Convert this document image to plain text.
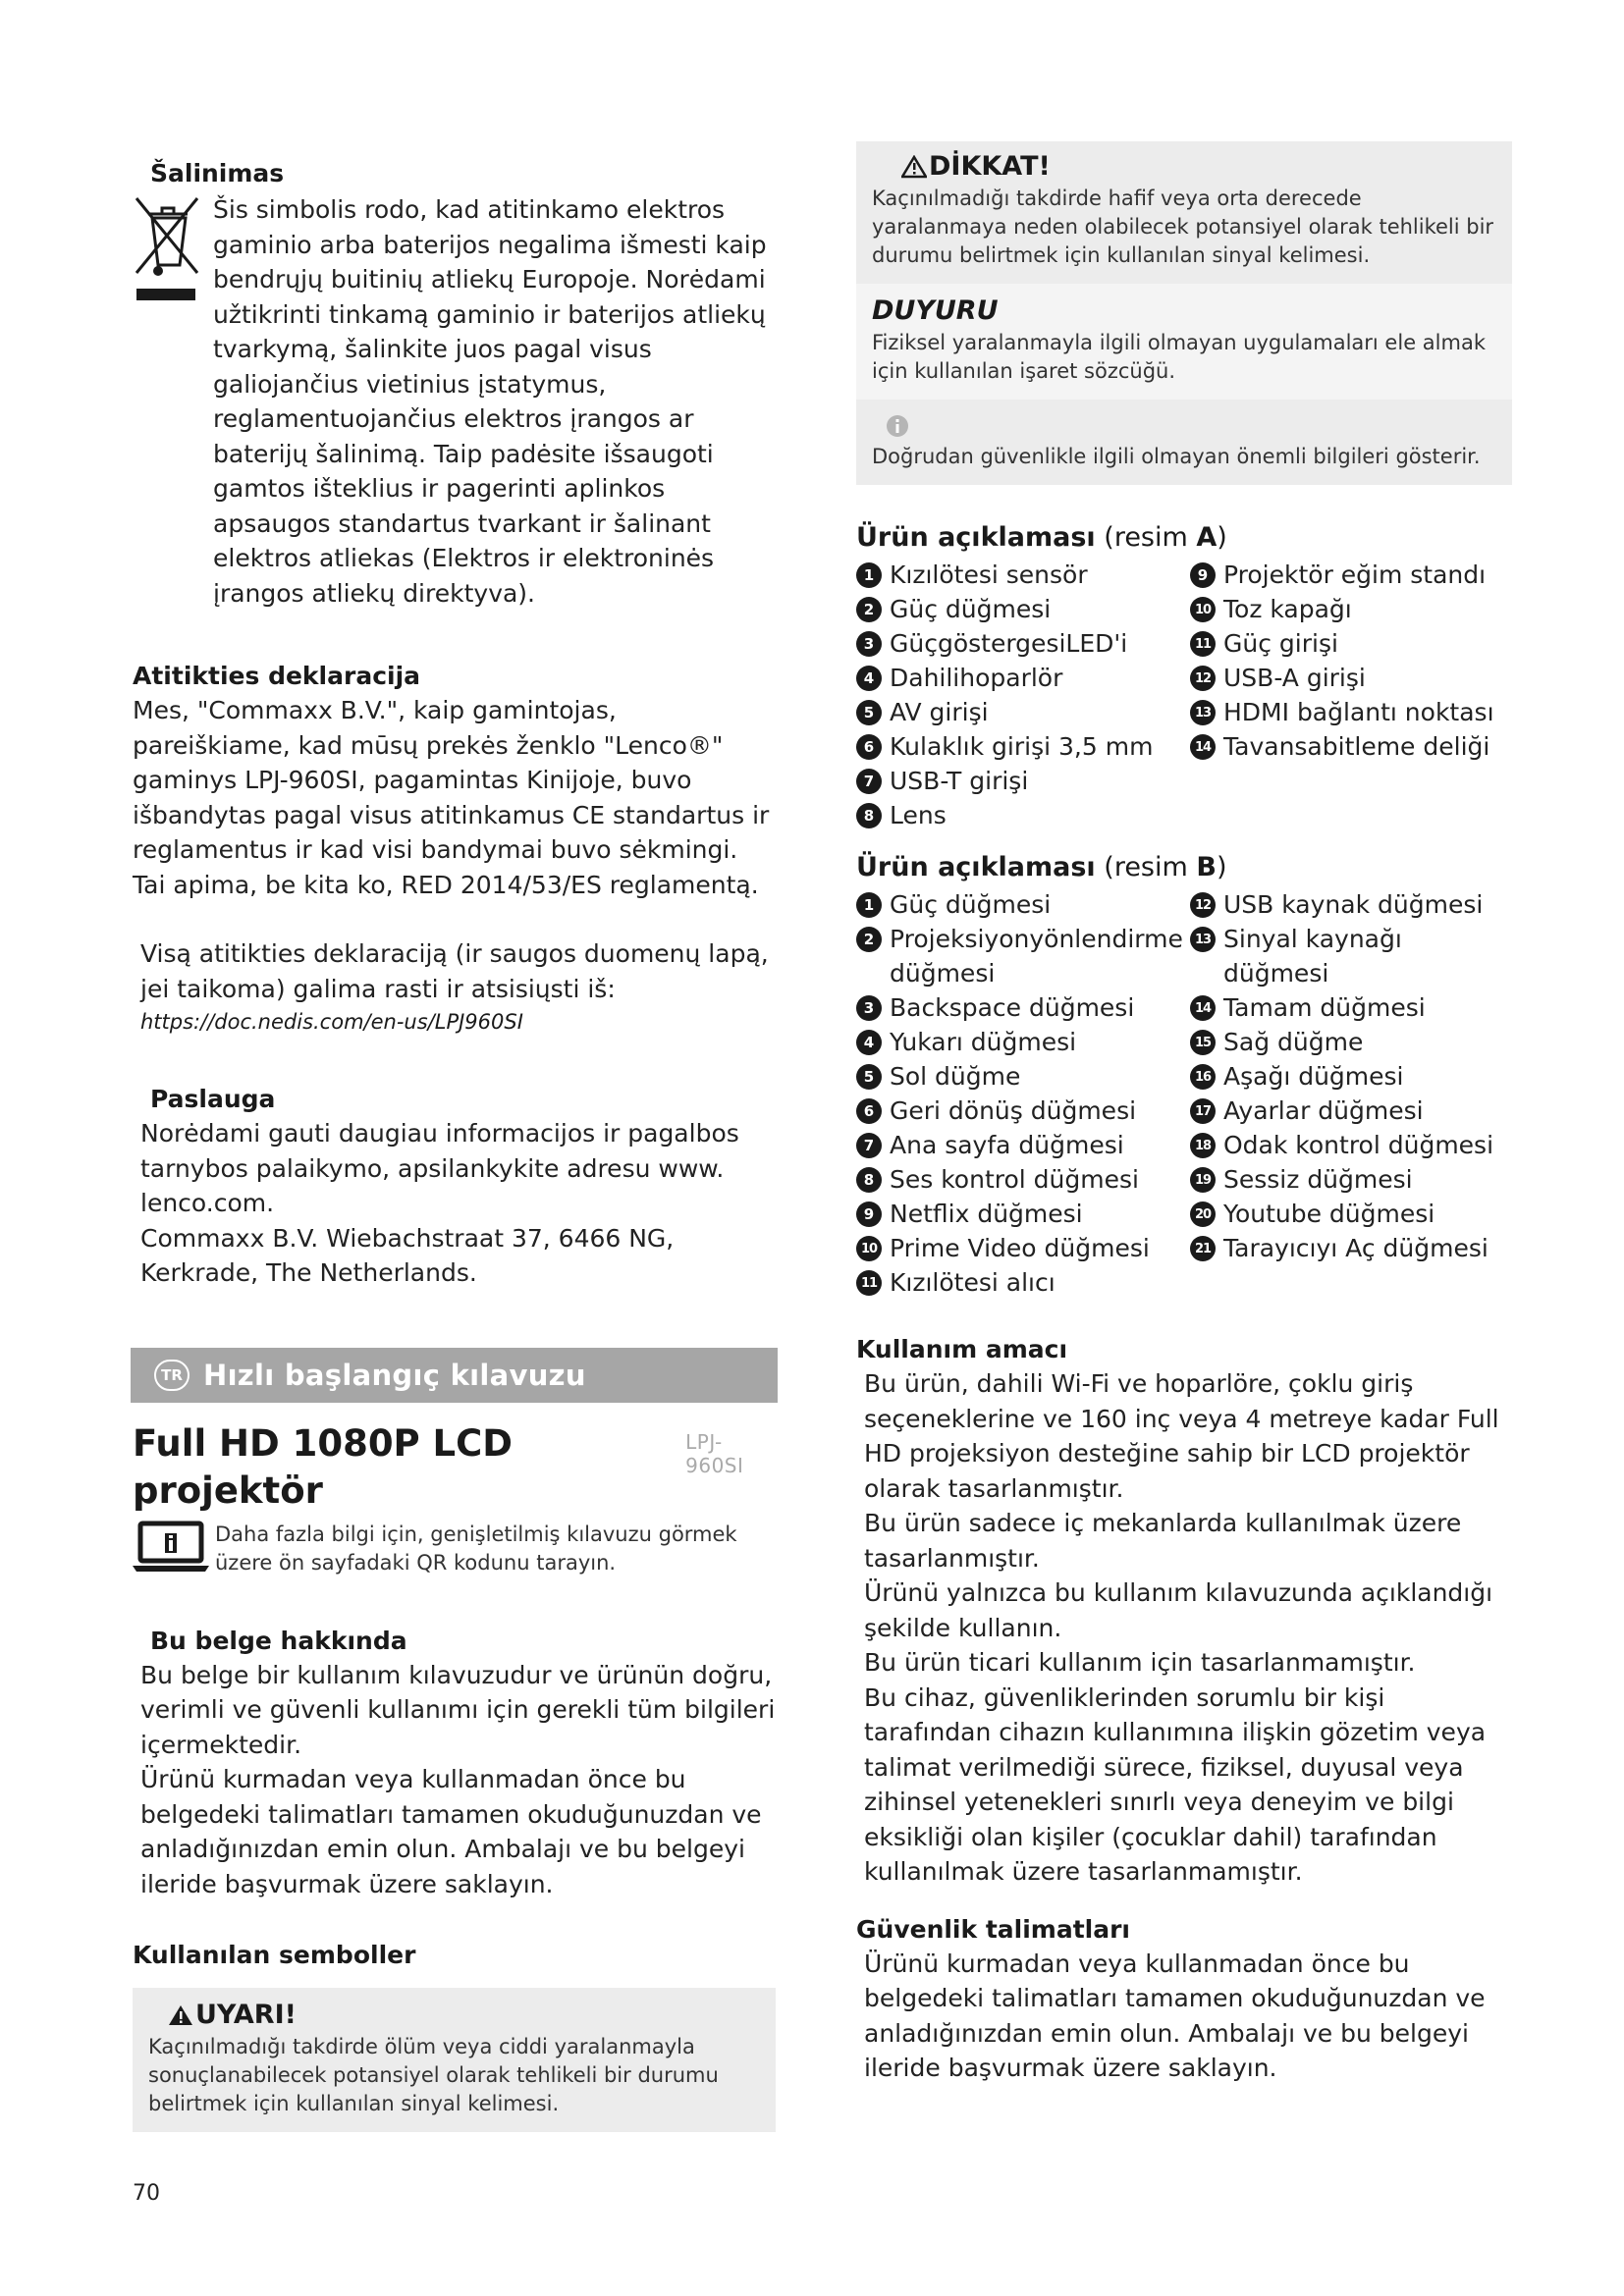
Šalinimas

Šis simbolis rodo, kad atitinkamo elektros gaminio arba baterijos negalima išmesti kaip bendrųjų buitinių atliekų Europoje. Norėdami užtikrinti tinkamą gaminio ir baterijos atliekų tvarkymą, šalinkite juos pagal visus galiojančius vietinius įstatymus, reglamentuojančius elektros įrangos ar baterijų šalinimą. Taip padėsite išsaugoti gamtos išteklius ir pagerinti aplinkos apsaugos standartus tvarkant ir šalinant elektros atliekas (Elektros ir elektroninės įrangos atliekų direktyva).

Atitikties deklaracija

Mes, "Commaxx B.V.", kaip gamintojas, pareiškiame, kad mūsų prekės ženklo "Lenco®" gaminys LPJ-960SI, pagamintas Kinijoje, buvo išbandytas pagal visus atitinkamus CE standartus ir reglamentus ir kad visi bandymai buvo sėkmingi. Tai apima, be kita ko, RED 2014/53/ES reglamentą.

Visą atitikties deklaraciją (ir saugos duomenų lapą, jei taikoma) galima rasti ir atsisiųsti iš:

https://doc.nedis.com/en-us/LPJ960SI

Paslauga

Norėdami gauti daugiau informacijos ir pagalbos tarnybos palaikymo, apsilankykite adresu www. lenco.com.

Commaxx B.V. Wiebachstraat 37, 6466 NG, Kerkrade, The Netherlands.

TR Hızlı başlangıç kılavuzu
Full HD 1080P LCD projektör
LPJ-960SI

Daha fazla bilgi için, genişletilmiş kılavuzu görmek üzere ön sayfadaki QR kodunu tarayın.

Bu belge hakkında

Bu belge bir kullanım kılavuzudur ve ürünün doğru, verimli ve güvenli kullanımı için gerekli tüm bilgileri içermektedir.

Ürünü kurmadan veya kullanmadan önce bu belgedeki talimatları tamamen okuduğunuzdan ve anladığınızdan emin olun. Ambalajı ve bu belgeyi ileride başvurmak üzere saklayın.

Kullanılan semboller

UYARI!

Kaçınılmadığı takdirde ölüm veya ciddi yaralanmayla sonuçlanabilecek potansiyel olarak tehlikeli bir durumu belirtmek için kullanılan sinyal kelimesi.

DİKKAT!

Kaçınılmadığı takdirde hafif veya orta derecede yaralanmaya neden olabilecek potansiyel olarak tehlikeli bir durumu belirtmek için kullanılan sinyal kelimesi.

DUYURU

Fiziksel yaralanmayla ilgili olmayan uygulamaları ele almak için kullanılan işaret sözcüğü.

Doğrudan güvenlikle ilgili olmayan önemli bilgileri gösterir.

Ürün açıklaması (resim A)

1 Kızılötesi sensör
2 Güç düğmesi
3 GüçgöstergesiLED'i
4 Dahilihoparlör
5 AV girişi
6 Kulaklık girişi 3,5 mm
7 USB-T girişi
8 Lens
9 Projektör eğim standı
10 Toz kapağı
11 Güç girişi
12 USB-A girişi
13 HDMI bağlantı noktası
14 Tavansabitleme deliği

Ürün açıklaması (resim B)

1 Güç düğmesi
2 Projeksiyonyönlendirme düğmesi
3 Backspace düğmesi
4 Yukarı düğmesi
5 Sol düğme
6 Geri dönüş düğmesi
7 Ana sayfa düğmesi
8 Ses kontrol düğmesi
9 Netflix düğmesi
10 Prime Video düğmesi
11 Kızılötesi alıcı
12 USB kaynak düğmesi
13 Sinyal kaynağı düğmesi
14 Tamam düğmesi
15 Sağ düğme
16 Aşağı düğmesi
17 Ayarlar düğmesi
18 Odak kontrol düğmesi
19 Sessiz düğmesi
20 Youtube düğmesi
21 Tarayıcıyı Aç düğmesi

Kullanım amacı

Bu ürün, dahili Wi-Fi ve hoparlöre, çoklu giriş seçeneklerine ve 160 inç veya 4 metreye kadar Full HD projeksiyon desteğine sahip bir LCD projektör olarak tasarlanmıştır.

Bu ürün sadece iç mekanlarda kullanılmak üzere tasarlanmıştır.

Ürünü yalnızca bu kullanım kılavuzunda açıklandığı şekilde kullanın.

Bu ürün ticari kullanım için tasarlanmamıştır.

Bu cihaz, güvenliklerinden sorumlu bir kişi tarafından cihazın kullanımına ilişkin gözetim veya talimat verilmediği sürece, fiziksel, duyusal veya zihinsel yetenekleri sınırlı veya deneyim ve bilgi eksikliği olan kişiler (çocuklar dahil) tarafından kullanılmak üzere tasarlanmamıştır.

Güvenlik talimatları

Ürünü kurmadan veya kullanmadan önce bu belgedeki talimatları tamamen okuduğunuzdan ve anladığınızdan emin olun. Ambalajı ve bu belgeyi ileride başvurmak üzere saklayın.

70
